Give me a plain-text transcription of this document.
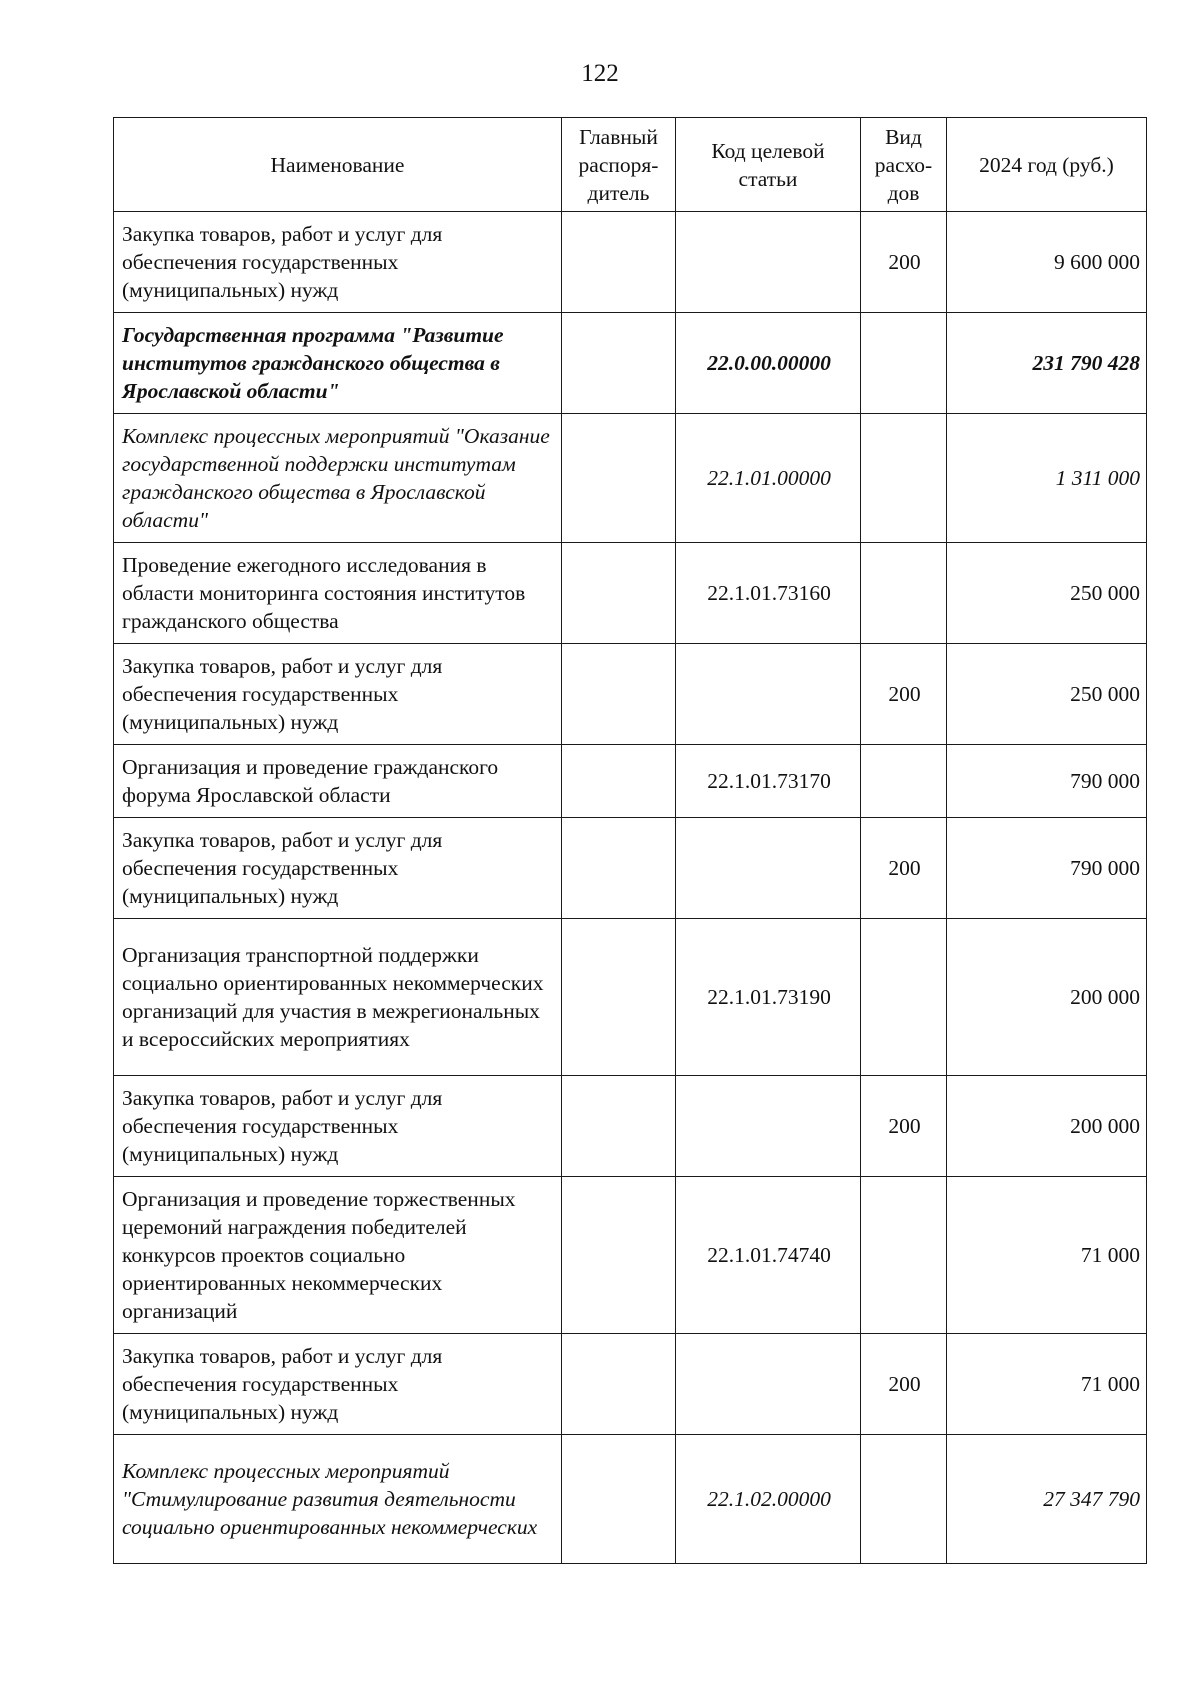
122
Наименование	Главный распоря-дитель	Код целевой статьи	Вид расхо-дов	2024 год (руб.)
Закупка товаров, работ и услуг для обеспечения государственных (муниципальных) нужд			200	9 600 000
Государственная программа "Развитие институтов гражданского общества в Ярославской области"		22.0.00.00000		231 790 428
Комплекс процессных мероприятий "Оказание государственной поддержки институтам гражданского общества в Ярославской области"		22.1.01.00000		1 311 000
Проведение ежегодного исследования в области мониторинга состояния институтов гражданского общества		22.1.01.73160		250 000
Закупка товаров, работ и услуг для обеспечения государственных (муниципальных) нужд			200	250 000
Организация и проведение гражданского форума Ярославской области		22.1.01.73170		790 000
Закупка товаров, работ и услуг для обеспечения государственных (муниципальных) нужд			200	790 000
Организация транспортной поддержки социально ориентированных некоммерческих организаций для участия в межрегиональных и всероссийских мероприятиях		22.1.01.73190		200 000
Закупка товаров, работ и услуг для обеспечения государственных (муниципальных) нужд			200	200 000
Организация и проведение торжественных церемоний награждения победителей конкурсов проектов социально ориентированных некоммерческих организаций		22.1.01.74740		71 000
Закупка товаров, работ и услуг для обеспечения государственных (муниципальных) нужд			200	71 000
Комплекс процессных мероприятий "Стимулирование развития деятельности социально ориентированных некоммерческих		22.1.02.00000		27 347 790
